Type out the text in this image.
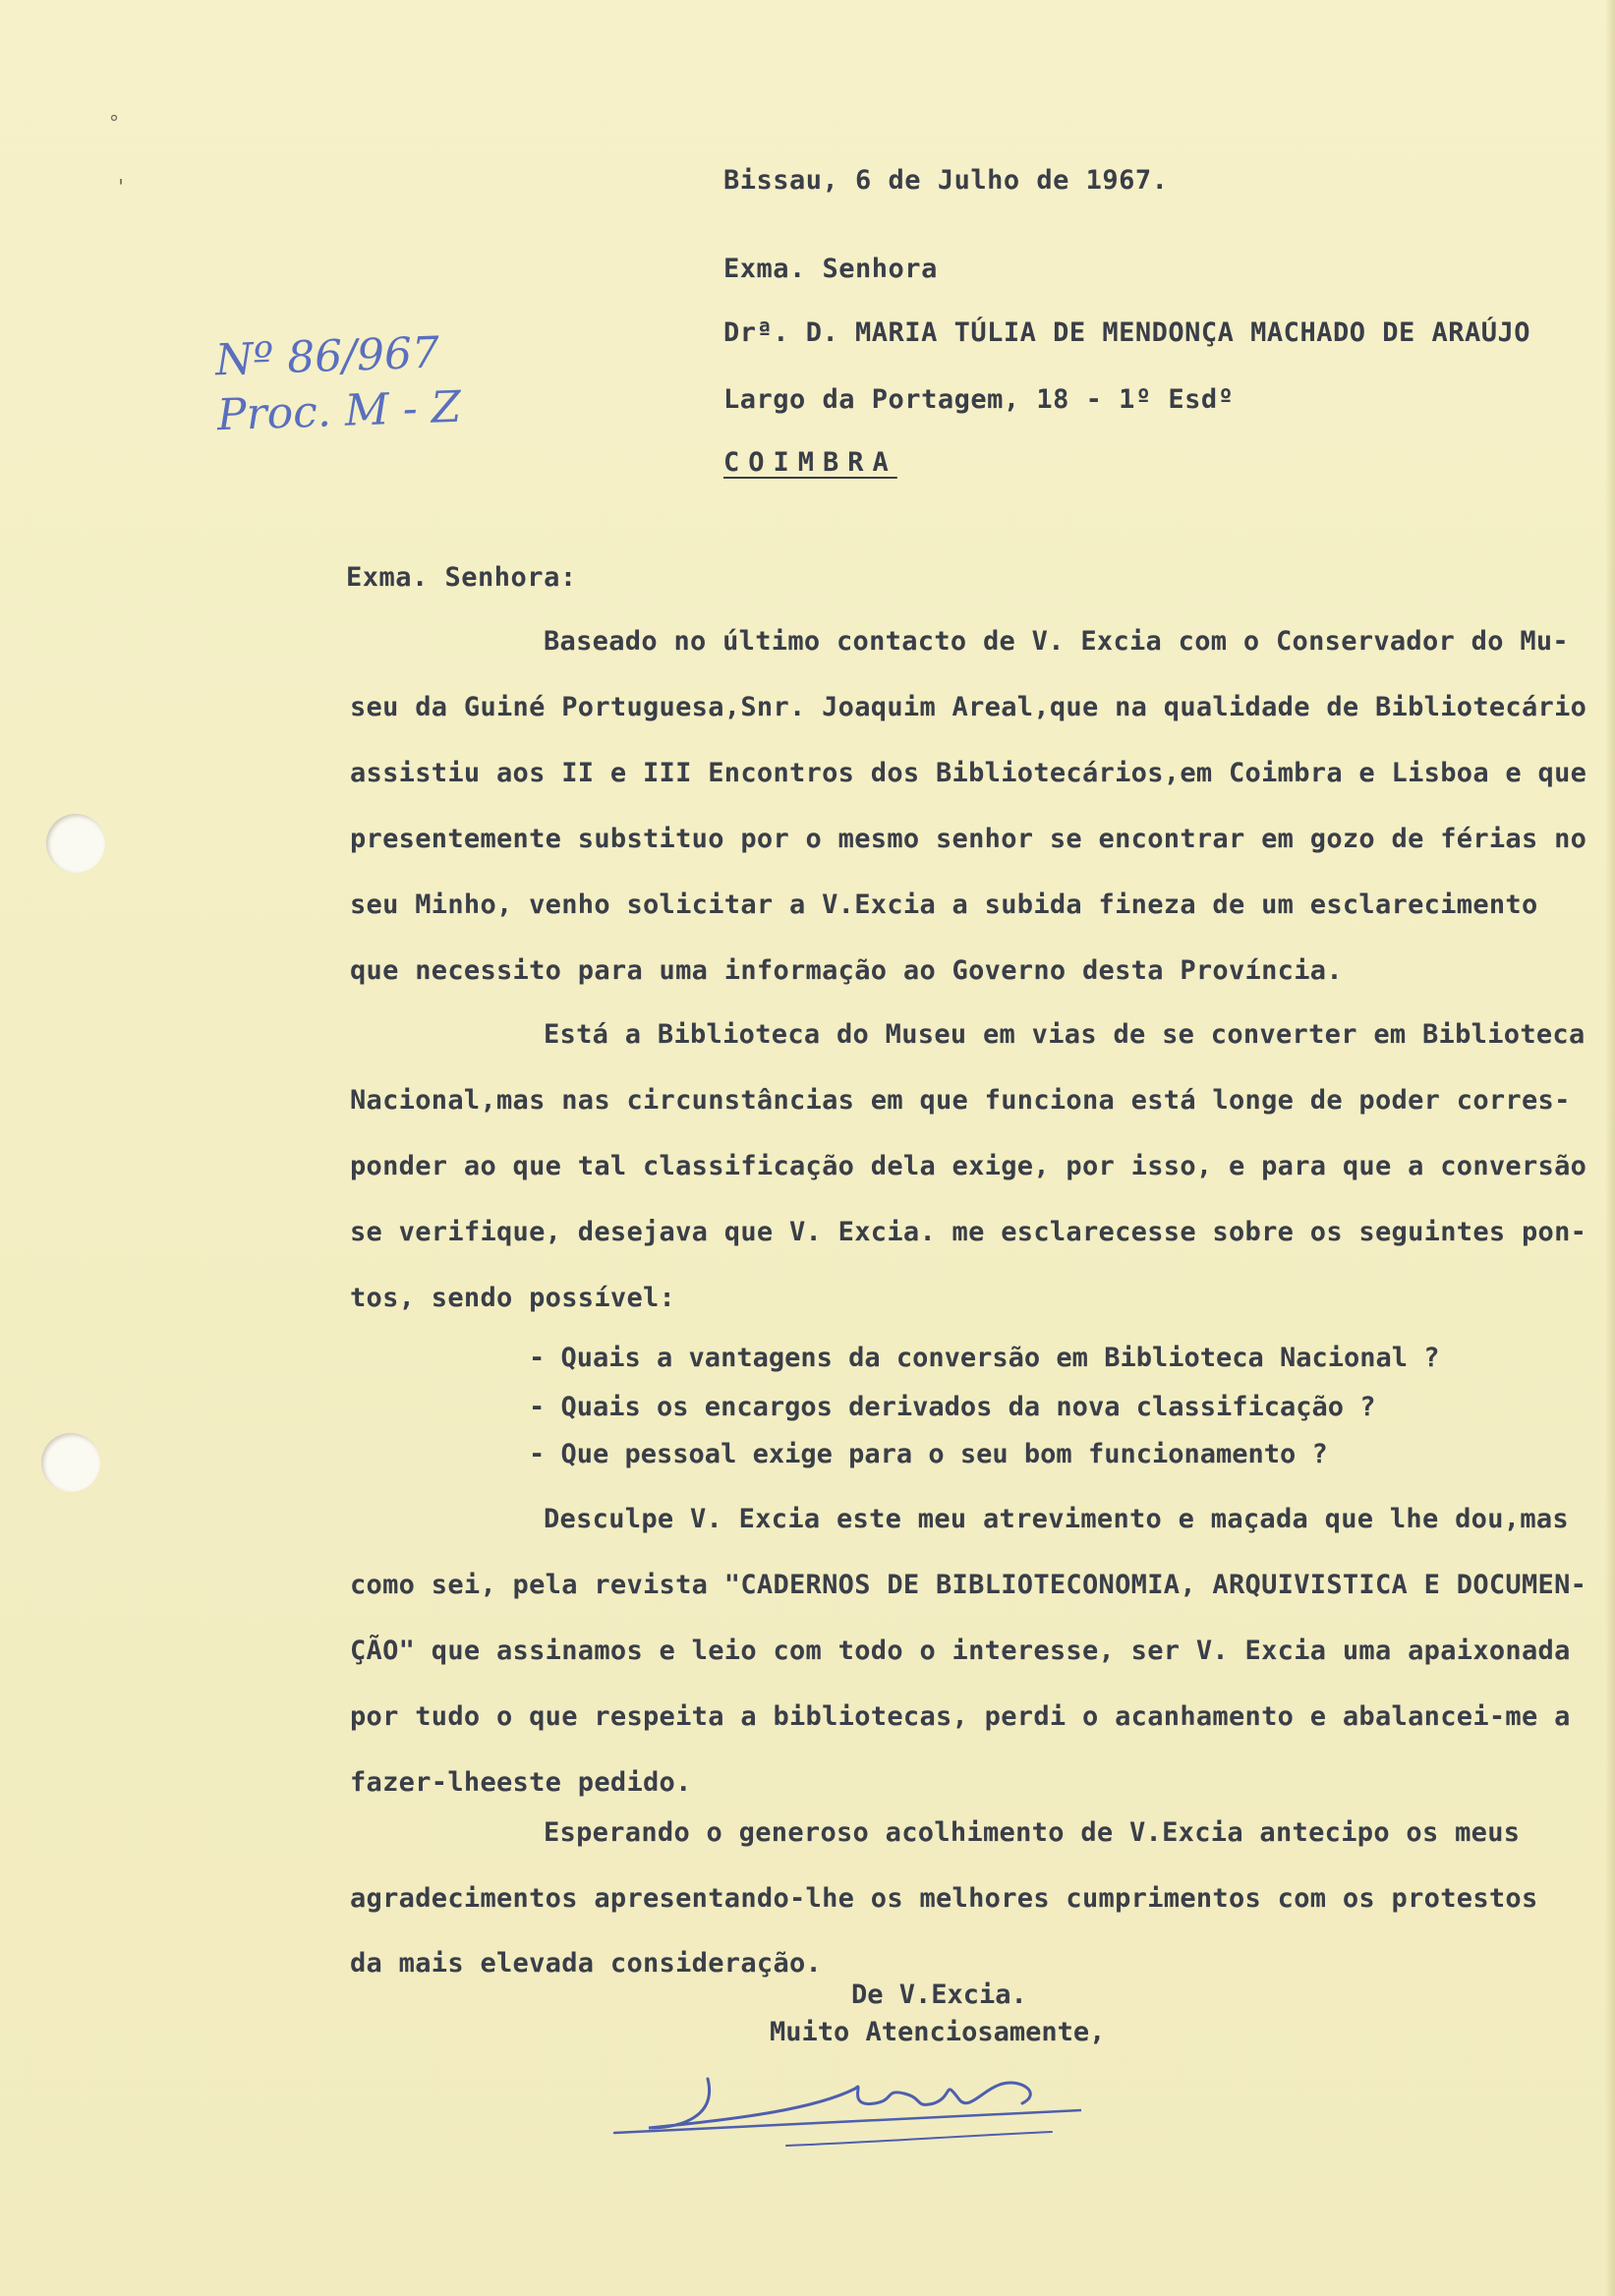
°
'	Bissau, 6 de Julho de 1967.
Exma. Senhora
Drª. D. MARIA TÚLIA DE MENDONÇA MACHADO DE ARAÚJO
Largo da Portagem, 18 - 1º Esdº
COIMBRA
Nº 86/967
Proc. M - Z
Exma. Senhora:
Baseado no último contacto de V. Excia com o Conservador do Mu-
seu da Guiné Portuguesa,Snr. Joaquim Areal,que na qualidade de Bibliotecário
assistiu aos II e III Encontros dos Bibliotecários,em Coimbra e Lisboa e que
presentemente substituo por o mesmo senhor se encontrar em gozo de férias no
seu Minho, venho solicitar a V.Excia a subida fineza de um esclarecimento
que necessito para uma informação ao Governo desta Província.
Está a Biblioteca do Museu em vias de se converter em Biblioteca
Nacional,mas nas circunstâncias em que funciona está longe de poder corres-
ponder ao que tal classificação dela exige, por isso, e para que a conversão
se verifique, desejava que V. Excia. me esclarecesse sobre os seguintes pon-
tos, sendo possível:
- Quais a vantagens da conversão em Biblioteca Nacional ?
- Quais os encargos derivados da nova classificação ?
- Que pessoal exige para o seu bom funcionamento ?
Desculpe V. Excia este meu atrevimento e maçada que lhe dou,mas
como sei, pela revista "CADERNOS DE BIBLIOTECONOMIA, ARQUIVISTICA E DOCUMEN-
ÇÃO" que assinamos e leio com todo o interesse, ser V. Excia uma apaixonada
por tudo o que respeita a bibliotecas, perdi o acanhamento e abalancei-me a
fazer-lheeste pedido.
Esperando o generoso acolhimento de V.Excia antecipo os meus
agradecimentos apresentando-lhe os melhores cumprimentos com os protestos
da mais elevada consideração.
De V.Excia.
Muito Atenciosamente,
